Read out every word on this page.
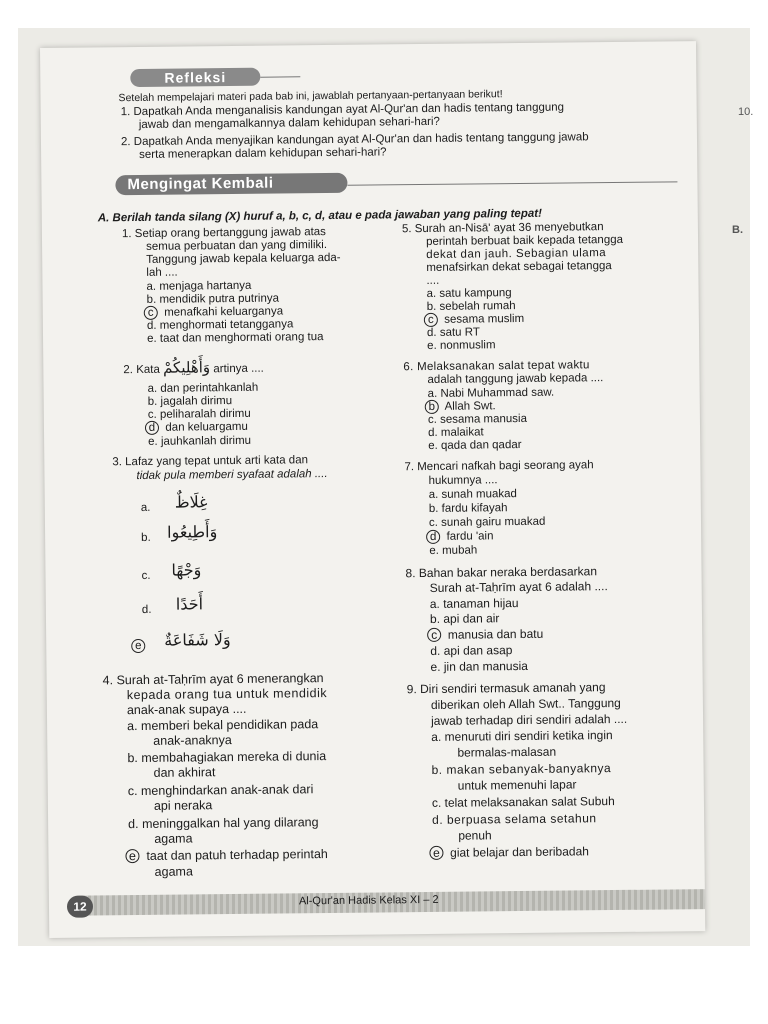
10.
B.
Refleksi
Setelah mempelajari materi pada bab ini, jawablah pertanyaan-pertanyaan berikut!
1. Dapatkah Anda menganalisis kandungan ayat Al-Qur'an dan hadis tentang tanggung
jawab dan mengamalkannya dalam kehidupan sehari-hari?
2. Dapatkah Anda menyajikan kandungan ayat Al-Qur'an dan hadis tentang tanggung jawab
serta menerapkan dalam kehidupan sehari-hari?
Mengingat Kembali
A. Berilah tanda silang (X) huruf a, b, c, d, atau e pada jawaban yang paling tepat!
1. Setiap orang bertanggung jawab atas
semua perbuatan dan yang dimiliki.
Tanggung jawab kepala keluarga ada-
lah ....
a. menjaga hartanya
b. mendidik putra putrinya
c menafkahi keluarganya
d. menghormati tetangganya
e. taat dan menghormati orang tua
2. Kata وَأَهْلِيكُمْ artinya ....
a. dan perintahkanlah
b. jagalah dirimu
c. peliharalah dirimu
d dan keluargamu
e. jauhkanlah dirimu
3. Lafaz yang tepat untuk arti kata dan
tidak pula memberi syafaat adalah ....
a. غِلَاظٌ
b. وَأَطِيعُوا
c. وَجْهًا
d. أَحَدًا
e وَلَا شَفَاعَةٌ
4. Surah at-Taḥrīm ayat 6 menerangkan
kepada orang tua untuk mendidik
anak-anak supaya ....
a. memberi bekal pendidikan pada
anak-anaknya
b. membahagiakan mereka di dunia
dan akhirat
c. menghindarkan anak-anak dari
api neraka
d. meninggalkan hal yang dilarang
agama
e taat dan patuh terhadap perintah
agama
5. Surah an-Nisā' ayat 36 menyebutkan
perintah berbuat baik kepada tetangga
dekat dan jauh. Sebagian ulama
menafsirkan dekat sebagai tetangga
....
a. satu kampung
b. sebelah rumah
c sesama muslim
d. satu RT
e. nonmuslim
6. Melaksanakan salat tepat waktu
adalah tanggung jawab kepada ....
a. Nabi Muhammad saw.
b Allah Swt.
c. sesama manusia
d. malaikat
e. qada dan qadar
7. Mencari nafkah bagi seorang ayah
hukumnya ....
a. sunah muakad
b. fardu kifayah
c. sunah gairu muakad
d fardu 'ain
e. mubah
8. Bahan bakar neraka berdasarkan
Surah at-Taḥrīm ayat 6 adalah ....
a. tanaman hijau
b. api dan air
c manusia dan batu
d. api dan asap
e. jin dan manusia
9. Diri sendiri termasuk amanah yang
diberikan oleh Allah Swt.. Tanggung
jawab terhadap diri sendiri adalah ....
a. menuruti diri sendiri ketika ingin
bermalas-malasan
b. makan sebanyak-banyaknya
untuk memenuhi lapar
c. telat melaksanakan salat Subuh
d. berpuasa selama setahun
penuh
e giat belajar dan beribadah
Al-Qur'an Hadis Kelas XI – 2
12
